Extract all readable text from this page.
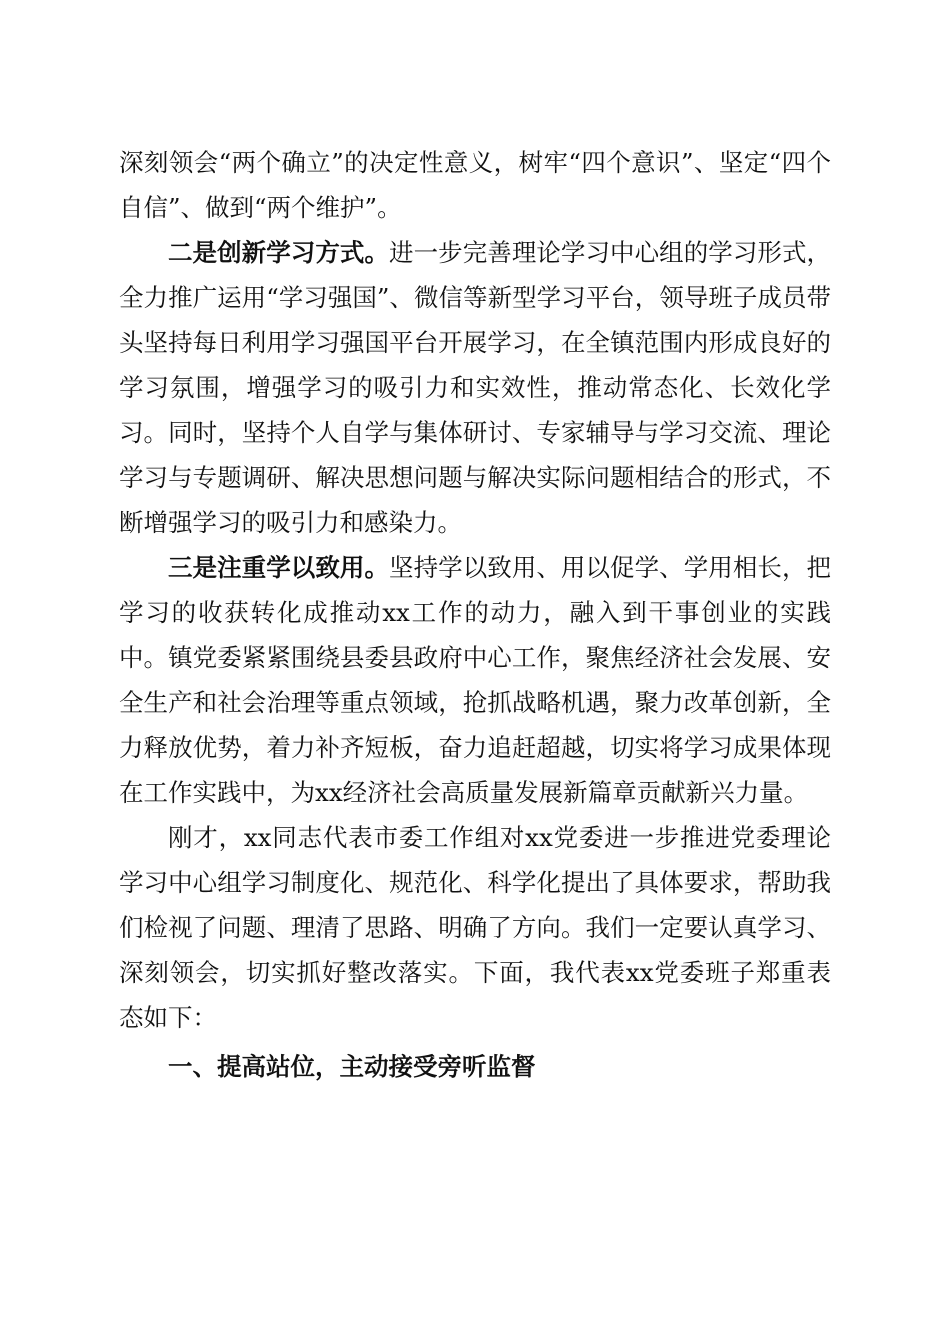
深刻领会“两个确立”的决定性意义，树牢“四个意识”、坚定“四个自信”、做到“两个维护”。

二是创新学习方式。进一步完善理论学习中心组的学习形式，全力推广运用“学习强国”、微信等新型学习平台，领导班子成员带头坚持每日利用学习强国平台开展学习，在全镇范围内形成良好的学习氛围，增强学习的吸引力和实效性，推动常态化、长效化学习。同时，坚持个人自学与集体研讨、专家辅导与学习交流、理论学习与专题调研、解决思想问题与解决实际问题相结合的形式，不断增强学习的吸引力和感染力。

三是注重学以致用。坚持学以致用、用以促学、学用相长，把学习的收获转化成推动xx工作的动力，融入到干事创业的实践中。镇党委紧紧围绕县委县政府中心工作，聚焦经济社会发展、安全生产和社会治理等重点领域，抢抓战略机遇，聚力改革创新，全力释放优势，着力补齐短板，奋力追赶超越，切实将学习成果体现在工作实践中，为xx经济社会高质量发展新篇章贡献新兴力量。

刚才，xx同志代表市委工作组对xx党委进一步推进党委理论学习中心组学习制度化、规范化、科学化提出了具体要求，帮助我们检视了问题、理清了思路、明确了方向。我们一定要认真学习、深刻领会，切实抓好整改落实。下面，我代表xx党委班子郑重表态如下：

一、提高站位，主动接受旁听监督
